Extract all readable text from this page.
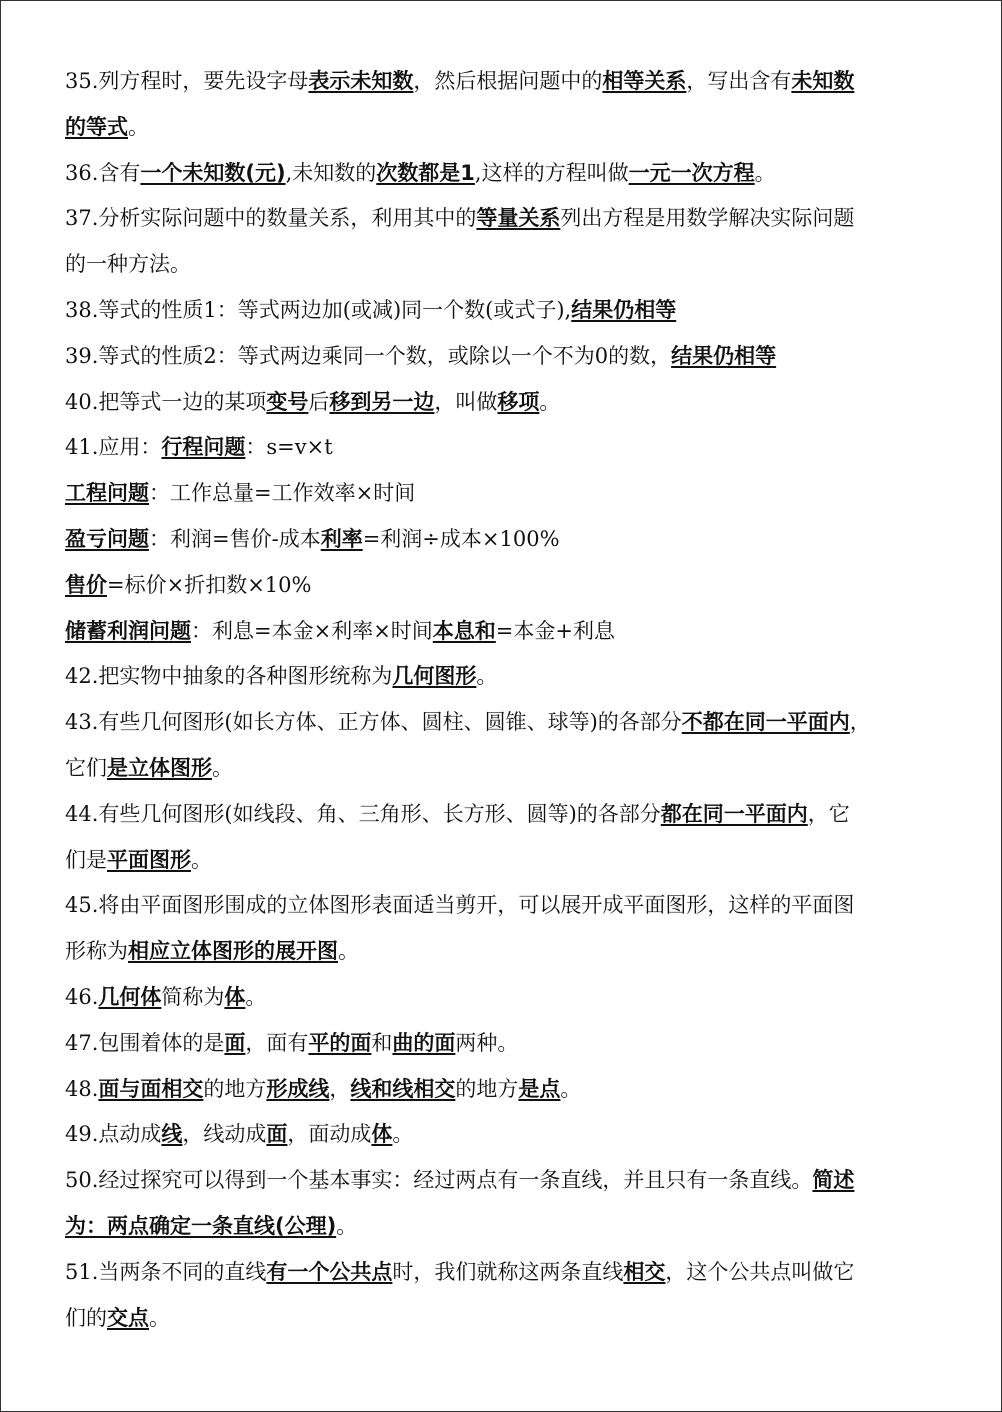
35.列方程时，要先设字母表示未知数，然后根据问题中的相等关系，写出含有未知数
的等式。
36.含有一个未知数(元),未知数的次数都是1,这样的方程叫做一元一次方程。
37.分析实际问题中的数量关系，利用其中的等量关系列出方程是用数学解决实际问题
的一种方法。
38.等式的性质1：等式两边加(或减)同一个数(或式子),结果仍相等
39.等式的性质2：等式两边乘同一个数，或除以一个不为0的数，结果仍相等
40.把等式一边的某项变号后移到另一边，叫做移项。
41.应用：行程问题：s=v×t
工程问题：工作总量=工作效率×时间
盈亏问题：利润=售价-成本利率=利润÷成本×100%
售价=标价×折扣数×10%
储蓄利润问题：利息=本金×利率×时间本息和=本金+利息
42.把实物中抽象的各种图形统称为几何图形。
43.有些几何图形(如长方体、正方体、圆柱、圆锥、球等)的各部分不都在同一平面内，
它们是立体图形。
44.有些几何图形(如线段、角、三角形、长方形、圆等)的各部分都在同一平面内，它
们是平面图形。
45.将由平面图形围成的立体图形表面适当剪开，可以展开成平面图形，这样的平面图
形称为相应立体图形的展开图。
46.几何体简称为体。
47.包围着体的是面，面有平的面和曲的面两种。
48.面与面相交的地方形成线，线和线相交的地方是点。
49.点动成线，线动成面，面动成体。
50.经过探究可以得到一个基本事实：经过两点有一条直线，并且只有一条直线。简述
为：两点确定一条直线(公理)。
51.当两条不同的直线有一个公共点时，我们就称这两条直线相交，这个公共点叫做它
们的交点。
